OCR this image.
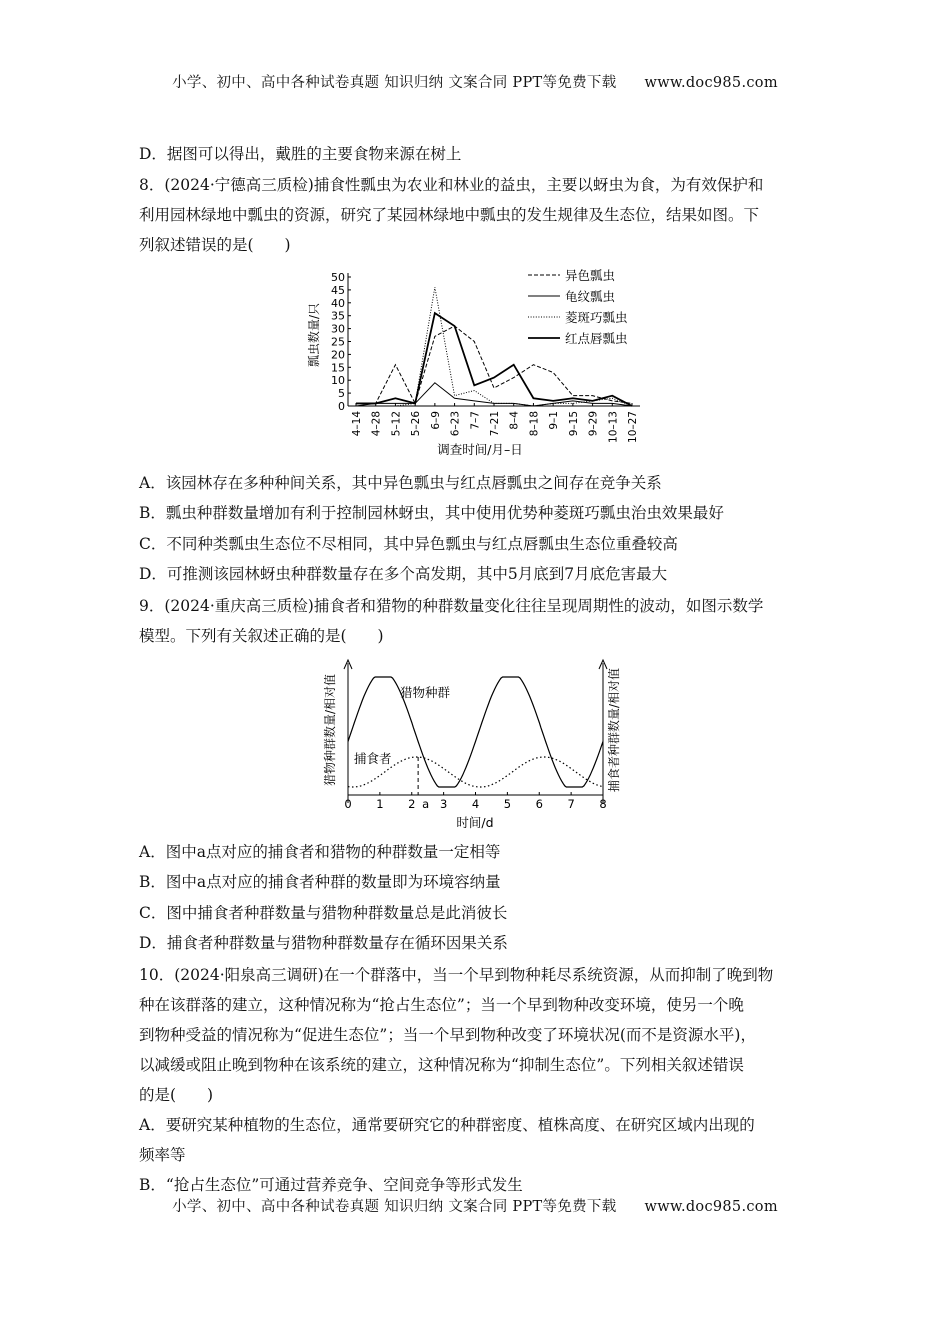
小学、初中、高中各种试卷真题 知识归纳 文案合同 PPT等免费下载 www.doc985.com
D．据图可以得出，戴胜的主要食物来源在树上
8．(2024·宁德高三质检)捕食性瓢虫为农业和林业的益虫，主要以蚜虫为食，为有效保护和
利用园林绿地中瓢虫的资源，研究了某园林绿地中瓢虫的发生规律及生态位，结果如图。下
列叙述错误的是(　　)
瓢虫数量/只
0
5
10
15
20
25
30
35
40
45
50
4–14 4–28 5–12 5–26 6–9 6–23 7–7 7–21 8–4 8–18 9–1 9–15 9–29 10–13 10–27
异色瓢虫
龟纹瓢虫
菱斑巧瓢虫
红点唇瓢虫
调查时间/月–日
A．该园林存在多种种间关系，其中异色瓢虫与红点唇瓢虫之间存在竞争关系
B．瓢虫种群数量增加有利于控制园林蚜虫，其中使用优势种菱斑巧瓢虫治虫效果最好
C．不同种类瓢虫生态位不尽相同，其中异色瓢虫与红点唇瓢虫生态位重叠较高
D．可推测该园林蚜虫种群数量存在多个高发期，其中5月底到7月底危害最大
9．(2024·重庆高三质检)捕食者和猎物的种群数量变化往往呈现周期性的波动，如图示数学
模型。下列有关叙述正确的是(　　)
猎物种群数量/相对值	捕食者种群数量/相对值
0 1 2 3 4 5 6 7 8
猎物种群
捕食者
时间/d
a
A．图中a点对应的捕食者和猎物的种群数量一定相等
B．图中a点对应的捕食者种群的数量即为环境容纳量
C．图中捕食者种群数量与猎物种群数量总是此消彼长
D．捕食者种群数量与猎物种群数量存在循环因果关系
10．(2024·阳泉高三调研)在一个群落中，当一个早到物种耗尽系统资源，从而抑制了晚到物
种在该群落的建立，这种情况称为“抢占生态位”；当一个早到物种改变环境，使另一个晚
到物种受益的情况称为“促进生态位”；当一个早到物种改变了环境状况(而不是资源水平)，
以减缓或阻止晚到物种在该系统的建立，这种情况称为“抑制生态位”。下列相关叙述错误
的是(　　)
A．要研究某种植物的生态位，通常要研究它的种群密度、植株高度、在研究区域内出现的
频率等
B．“抢占生态位”可通过营养竞争、空间竞争等形式发生
小学、初中、高中各种试卷真题 知识归纳 文案合同 PPT等免费下载 www.doc985.com
